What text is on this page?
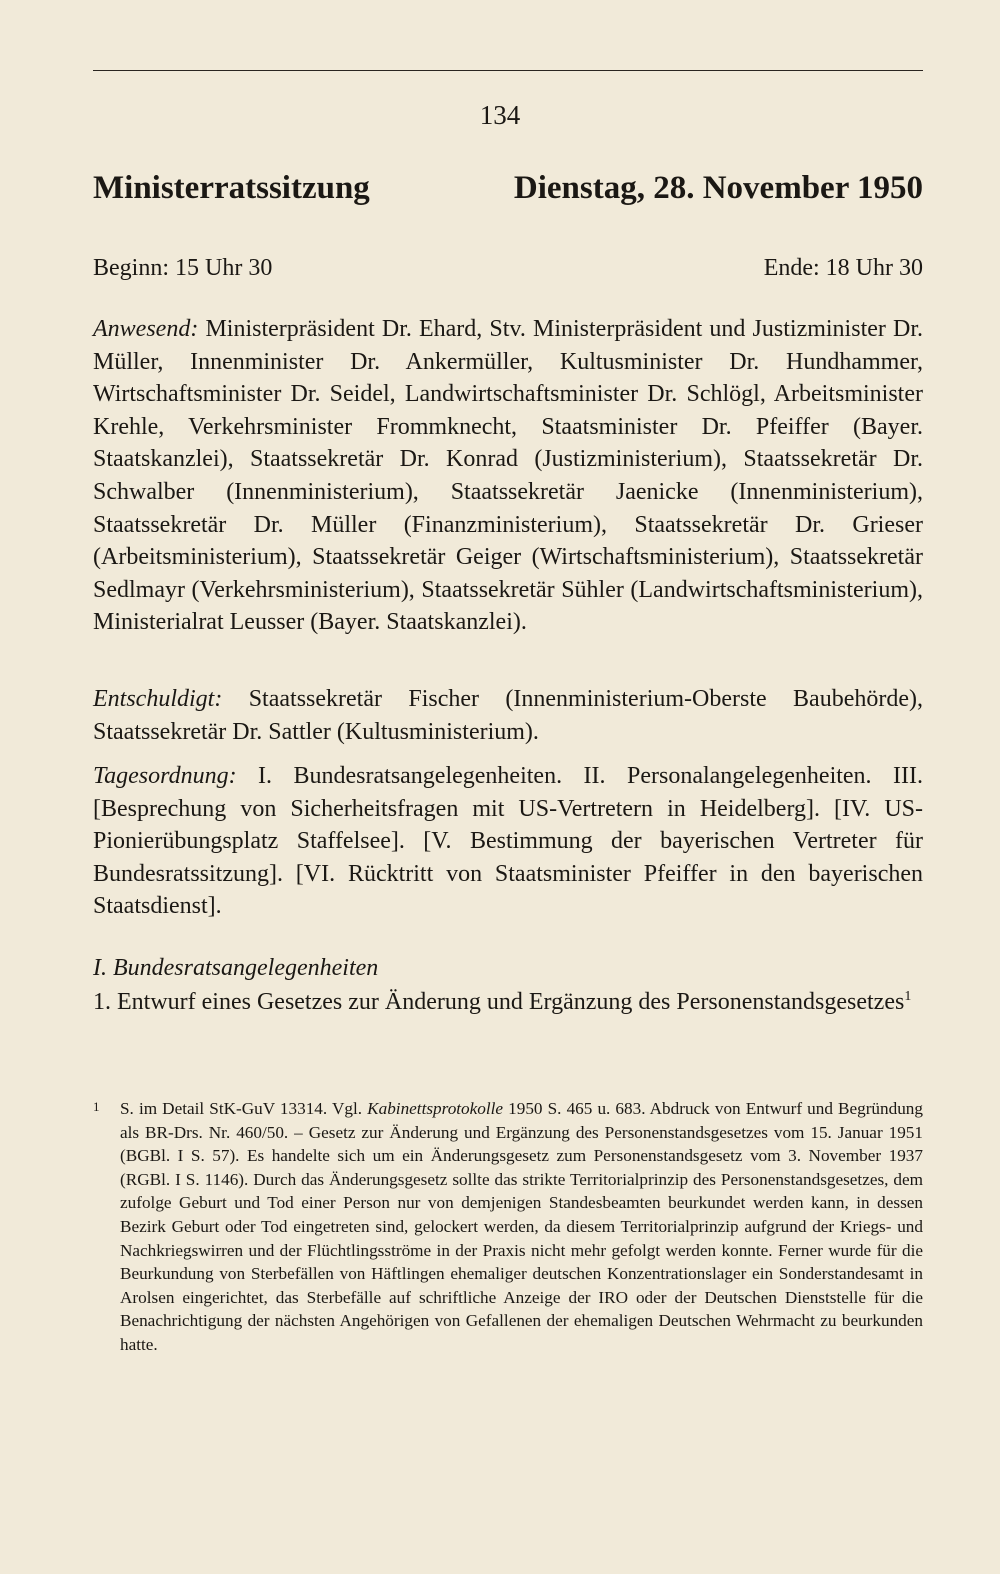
134
Ministerratssitzung	Dienstag, 28. November 1950
Beginn: 15 Uhr 30	Ende: 18 Uhr 30

Anwesend: Ministerpräsident Dr. Ehard, Stv. Ministerpräsident und Justizminister Dr. Müller, Innenminister Dr. Ankermüller, Kultusminister Dr. Hundhammer, Wirtschaftsminister Dr. Seidel, Landwirtschaftsminister Dr. Schlögl, Arbeitsminister Krehle, Verkehrsminister Frommknecht, Staatsminister Dr. Pfeiffer (Bayer. Staatskanzlei), Staatssekretär Dr. Konrad (Justizministerium), Staatssekretär Dr. Schwalber (Innenministerium), Staatssekretär Jaenicke (Innenministerium), Staatssekretär Dr. Müller (Finanzministerium), Staatssekretär Dr. Grieser (Arbeitsministerium), Staatssekretär Geiger (Wirtschaftsministerium), Staatssekretär Sedlmayr (Verkehrsministerium), Staatssekretär Sühler (Landwirtschaftsministerium), Ministerialrat Leusser (Bayer. Staatskanzlei).

Entschuldigt: Staatssekretär Fischer (Innenministerium-Oberste Baubehörde), Staatssekretär Dr. Sattler (Kultusministerium).

Tagesordnung: I. Bundesratsangelegenheiten. II. Personalangelegenheiten. III. [Besprechung von Sicherheitsfragen mit US-Vertretern in Heidelberg]. [IV. US-Pionierübungsplatz Staffelsee]. [V. Bestimmung der bayerischen Vertreter für Bundesratssitzung]. [VI. Rücktritt von Staatsminister Pfeiffer in den bayerischen Staatsdienst].

I. Bundesratsangelegenheiten

1. Entwurf eines Gesetzes zur Änderung und Ergänzung des Personenstandsgesetzes$^1$

1 S. im Detail StK-GuV 13314. Vgl. Kabinettsprotokolle 1950 S. 465 u. 683. Abdruck von Entwurf und Begründung als BR-Drs. Nr. 460/50. – Gesetz zur Änderung und Ergänzung des Personenstandsgesetzes vom 15. Januar 1951 (BGBl. I S. 57). Es handelte sich um ein Änderungsgesetz zum Personenstandsgesetz vom 3. November 1937 (RGBl. I S. 1146). Durch das Änderungsgesetz sollte das strikte Territorialprinzip des Personenstandsgesetzes, dem zufolge Geburt und Tod einer Person nur von demjenigen Standesbeamten beurkundet werden kann, in dessen Bezirk Geburt oder Tod eingetreten sind, gelockert werden, da diesem Territorialprinzip aufgrund der Kriegs- und Nachkriegswirren und der Flüchtlingsströme in der Praxis nicht mehr gefolgt werden konnte. Ferner wurde für die Beurkundung von Sterbefällen von Häftlingen ehemaliger deutschen Konzentrationslager ein Sonderstandesamt in Arolsen eingerichtet, das Sterbefälle auf schriftliche Anzeige der IRO oder der Deutschen Dienststelle für die Benachrichtigung der nächsten Angehörigen von Gefallenen der ehemaligen Deutschen Wehrmacht zu beurkunden hatte.
